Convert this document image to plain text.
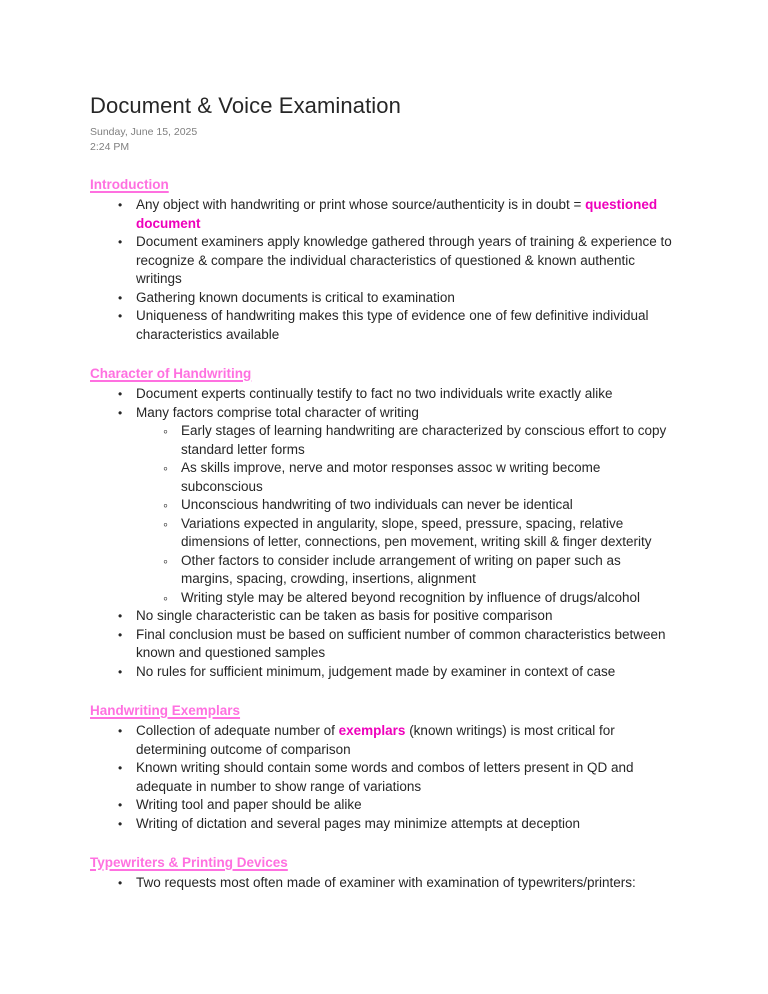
Document & Voice Examination
Sunday, June 15, 2025
2:24 PM
Introduction
•	Any object with handwriting or print whose source/authenticity is in doubt = questioned document
•	Document examiners apply knowledge gathered through years of training & experience to recognize & compare the individual characteristics of questioned & known authentic writings
•	Gathering known documents is critical to examination
•	Uniqueness of handwriting makes this type of evidence one of few definitive individual characteristics available
Character of Handwriting
•	Document experts continually testify to fact no two individuals write exactly alike
•	Many factors comprise total character of writing
◦ Early stages of learning handwriting are characterized by conscious effort to copy standard letter forms
◦ As skills improve, nerve and motor responses assoc w writing become subconscious
◦ Unconscious handwriting of two individuals can never be identical
◦ Variations expected in angularity, slope, speed, pressure, spacing, relative dimensions of letter, connections, pen movement, writing skill & finger dexterity
◦ Other factors to consider include arrangement of writing on paper such as margins, spacing, crowding, insertions, alignment
◦ Writing style may be altered beyond recognition by influence of drugs/alcohol
•	No single characteristic can be taken as basis for positive comparison
•	Final conclusion must be based on sufficient number of common characteristics between known and questioned samples
•	No rules for sufficient minimum, judgement made by examiner in context of case
Handwriting Exemplars
•	Collection of adequate number of exemplars (known writings) is most critical for determining outcome of comparison
•	Known writing should contain some words and combos of letters present in QD and adequate in number to show range of variations
•	Writing tool and paper should be alike
•	Writing of dictation and several pages may minimize attempts at deception
Typewriters & Printing Devices
•	Two requests most often made of examiner with examination of typewriters/printers:
